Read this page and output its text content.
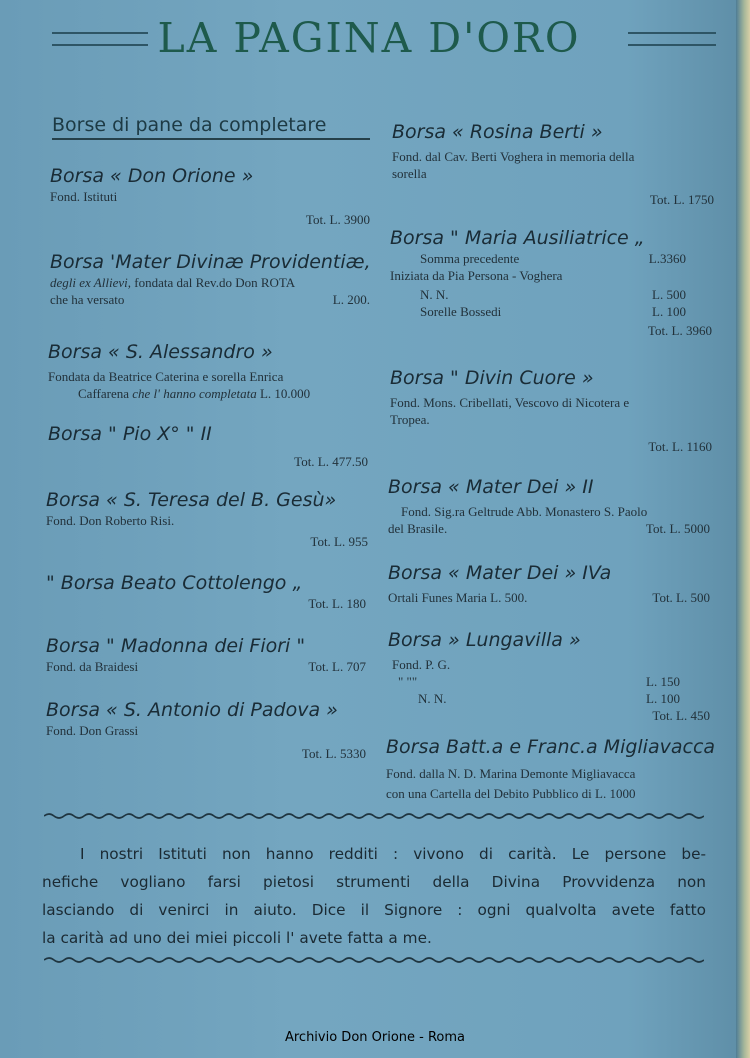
LA PAGINA D'ORO
Borse di pane da completare
Borsa « Don Orione »
Fond. Istituti
Tot. L. 3900
Borsa 'Mater Divinæ Providentiæ,
degli ex Allievi, fondata dal Rev.do Don ROTA
che ha versato	L. 200.
Borsa « S. Alessandro »
Fondata da Beatrice Caterina e sorella Enrica
Caffarena che l' hanno completata L. 10.000
Borsa " Pio X° " II
Tot. L. 477.50
Borsa « S. Teresa del B. Gesù»
Fond. Don Roberto Risi.
Tot. L. 955
" Borsa Beato Cottolengo „
Tot. L. 180
Borsa " Madonna dei Fiori "
Fond. da Braidesi	Tot. L. 707
Borsa « S. Antonio di Padova »
Fond. Don Grassi
Tot. L. 5330
Borsa « Rosina Berti »
Fond. dal Cav. Berti Voghera in memoria della
sorella
Tot. L. 1750
Borsa " Maria Ausiliatrice „
Somma precedente	L.3360
Iniziata da Pia Persona - Voghera
N. N.	L. 500
Sorelle Bossedi	L. 100
Tot. L. 3960
Borsa " Divin Cuore »
Fond. Mons. Cribellati, Vescovo di Nicotera e
Tropea.
Tot. L. 1160
Borsa « Mater Dei » II
Fond. Sig.ra Geltrude Abb. Monastero S. Paolo
del Brasile.	Tot. L. 5000
Borsa « Mater Dei » IVa
Ortali Funes Maria L. 500.	Tot. L. 500
Borsa » Lungavilla »
Fond. P. G.
" ""	L. 150
N. N.	L. 100
Tot. L. 450
Borsa Batt.a e Franc.a Migliavacca
Fond. dalla N. D. Marina Demonte Migliavacca
con una Cartella del Debito Pubblico di L. 1000
I nostri Istituti non hanno redditi : vivono di carità. Le persone be-
nefiche vogliano farsi pietosi strumenti della Divina Provvidenza non
lasciando di venirci in aiuto. Dice il Signore : ogni qualvolta avete fatto
la carità ad uno dei miei piccoli l' avete fatta a me.
Archivio Don Orione - Roma
